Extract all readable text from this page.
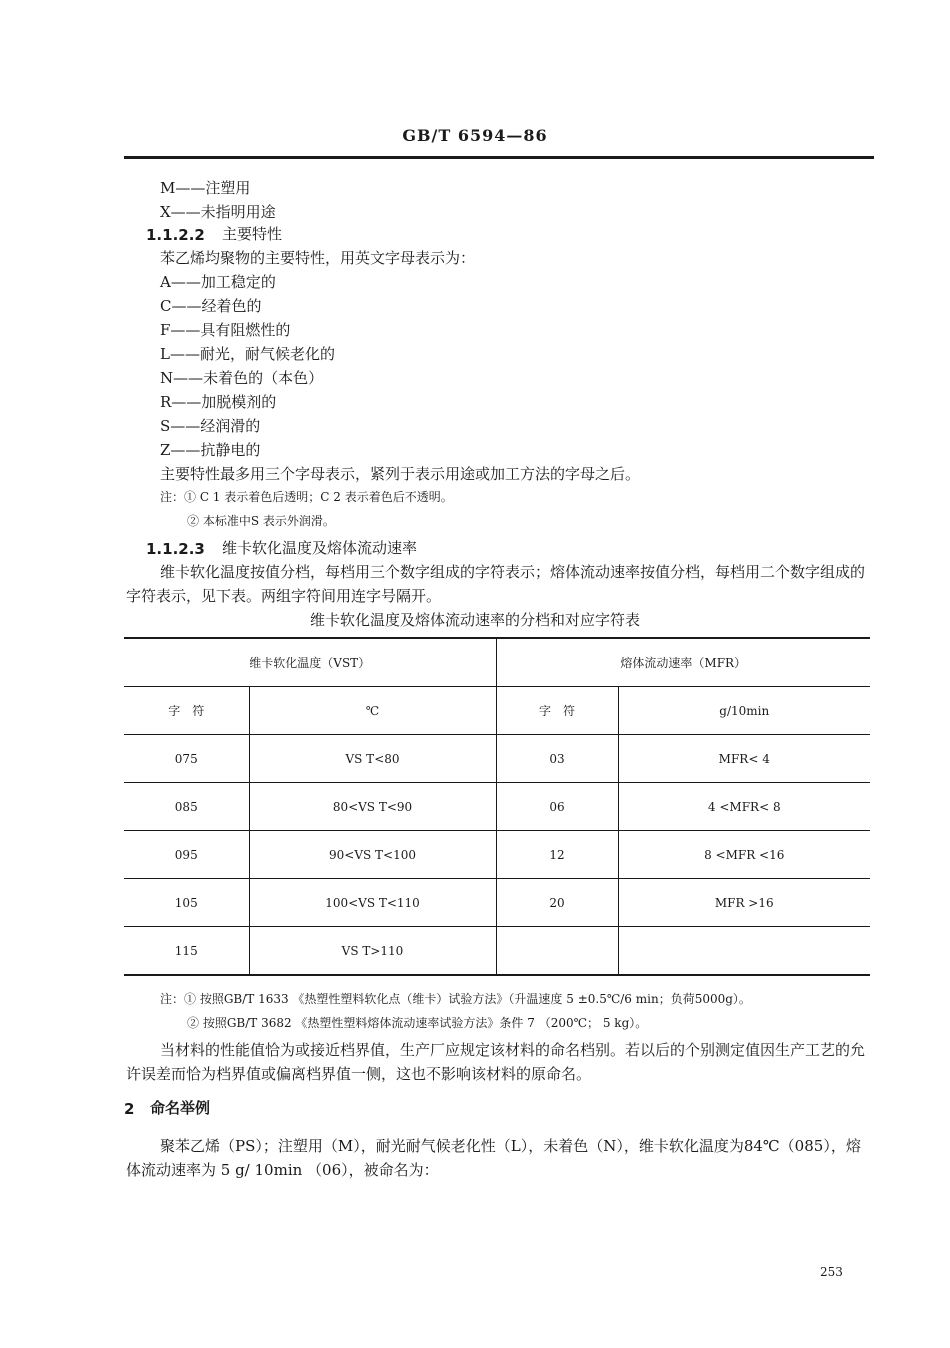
GB/T 6594—86
M——注塑用
X——未指明用途
1.1.2.2 主要特性
苯乙烯均聚物的主要特性，用英文字母表示为：
A——加工稳定的
C——经着色的
F——具有阻燃性的
L——耐光，耐气候老化的
N——未着色的（本色）
R——加脱模剂的
S——经润滑的
Z——抗静电的
主要特性最多用三个字母表示，紧列于表示用途或加工方法的字母之后。
注：① C 1 表示着色后透明；C 2 表示着色后不透明。
② 本标准中S 表示外润滑。
1.1.2.3 维卡软化温度及熔体流动速率
维卡软化温度按值分档，每档用三个数字组成的字符表示；熔体流动速率按值分档，每档用二个数字组成的字符表示，见下表。两组字符间用连字号隔开。
维卡软化温度及熔体流动速率的分档和对应字符表
维卡软化温度（VST）		熔体流动速率（MFR）	
字　符	℃	字　符	g/10min
075	VS T<80	03	MFR< 4
085	80<VS T<90	06	4 <MFR< 8
095	90<VS T<100	12	8 <MFR <16
105	100<VS T<110	20	MFR >16
115	VS T>110		
注：① 按照GB/T 1633 《热塑性塑料软化点（维卡）试验方法》（升温速度 5 ±0.5℃/6 min；负荷5000g）。
② 按照GB/T 3682 《热塑性塑料熔体流动速率试验方法》条件 7 （200℃； 5 kg）。
当材料的性能值恰为或接近档界值，生产厂应规定该材料的命名档别。若以后的个别测定值因生产工艺的允许误差而恰为档界值或偏离档界值一侧，这也不影响该材料的原命名。
2 命名举例
聚苯乙烯（PS）；注塑用（M），耐光耐气候老化性（L），未着色（N），维卡软化温度为84℃（085），熔体流动速率为 5 g/ 10min （06），被命名为：
253
